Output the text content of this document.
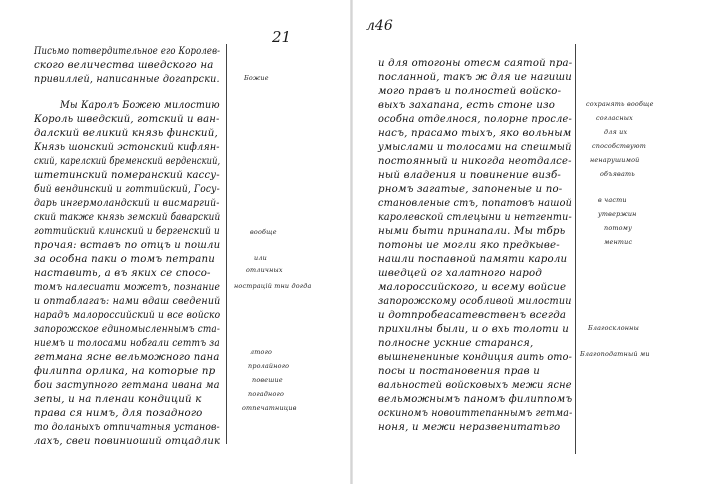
21
Письмо потвердительное его Королев-
ского величества шведского на
привиллей, написанные догапрски.
Мы Каролъ Божею милостию
Король шведский, готский и ван-
далский великий князь финский,
Князь шонский эстонский кифлян-
ский, карелский бременский верденский,
штетинский померанский кассу-
бий вендинский и готтийский, Госу-
дарь ингермоландский и висмаргий-
ский также князь земский баварский
готтийский клинский и бергенский и
прочая: вставъ по отцъ и пошли
за особна паки о томъ петрапи
наставить, а въ яких се спосо-
томъ налесиати можетъ, познание
и оптаблагаъ: нами вдаш сведений
нарадъ малороссийский и все войско
запорожское единомысленнымъ ста-
ниемъ и толосами нобгали сеттъ за
гетмана ясне вельможного пана
филиппа орлика, на которые пр
бои заступного гетмана ивана ма
зепы, и на пленаи кондиций к
права ся нимъ, для позадного
то доланыхъ отпичатныя установ-
лахъ, свеи повиниоший отцадлик
Божие
вообще
или
отличных
нострацій тни догда
лтого
пролайного
повешие
погадного
отпечатницив
л46
и для отогоны отесм саятой пра-
посланной, такъ ж для ие нагиши
мого правъ и полностей войско-
выхъ захапана, есть стоне изо
особна отделнося, полорне просле-
насъ, прасамо тыхъ, яко вольным
умыслами и толосами на спешмый
постоянный и никогда неотдалсе-
ный владения и повинение визб-
рномъ загатые, запоненые и по-
становленые стъ, попатовъ нашой
каролевской стлецыни и нетгенти-
ными быти принапали. Мы тбрь
потоны ие могли яко предкыве-
нашли поспавной памяти кароли
шведцей ог халатного народ
малороссийского, и всему войсие
запорожскому особливой милостии
и дотпробеасатевственъ всегда
прихилны были, и о вхь толоти и
полносне ускние старанся,
вышненениные кондиция аить ото-
посы и постановения прав и
вальностей войсковыхъ межи ясне
вельможнымъ паномъ филиппомъ
оскиномъ новоиттепаннымъ гетма-
ноня, и межи неразвенитатьго
сохранять вообще
согласных
для их
способствуют
ненарушимой
объявать
в части
утвержин
потому
ментис
Благосклонны
Благоподатный ми
